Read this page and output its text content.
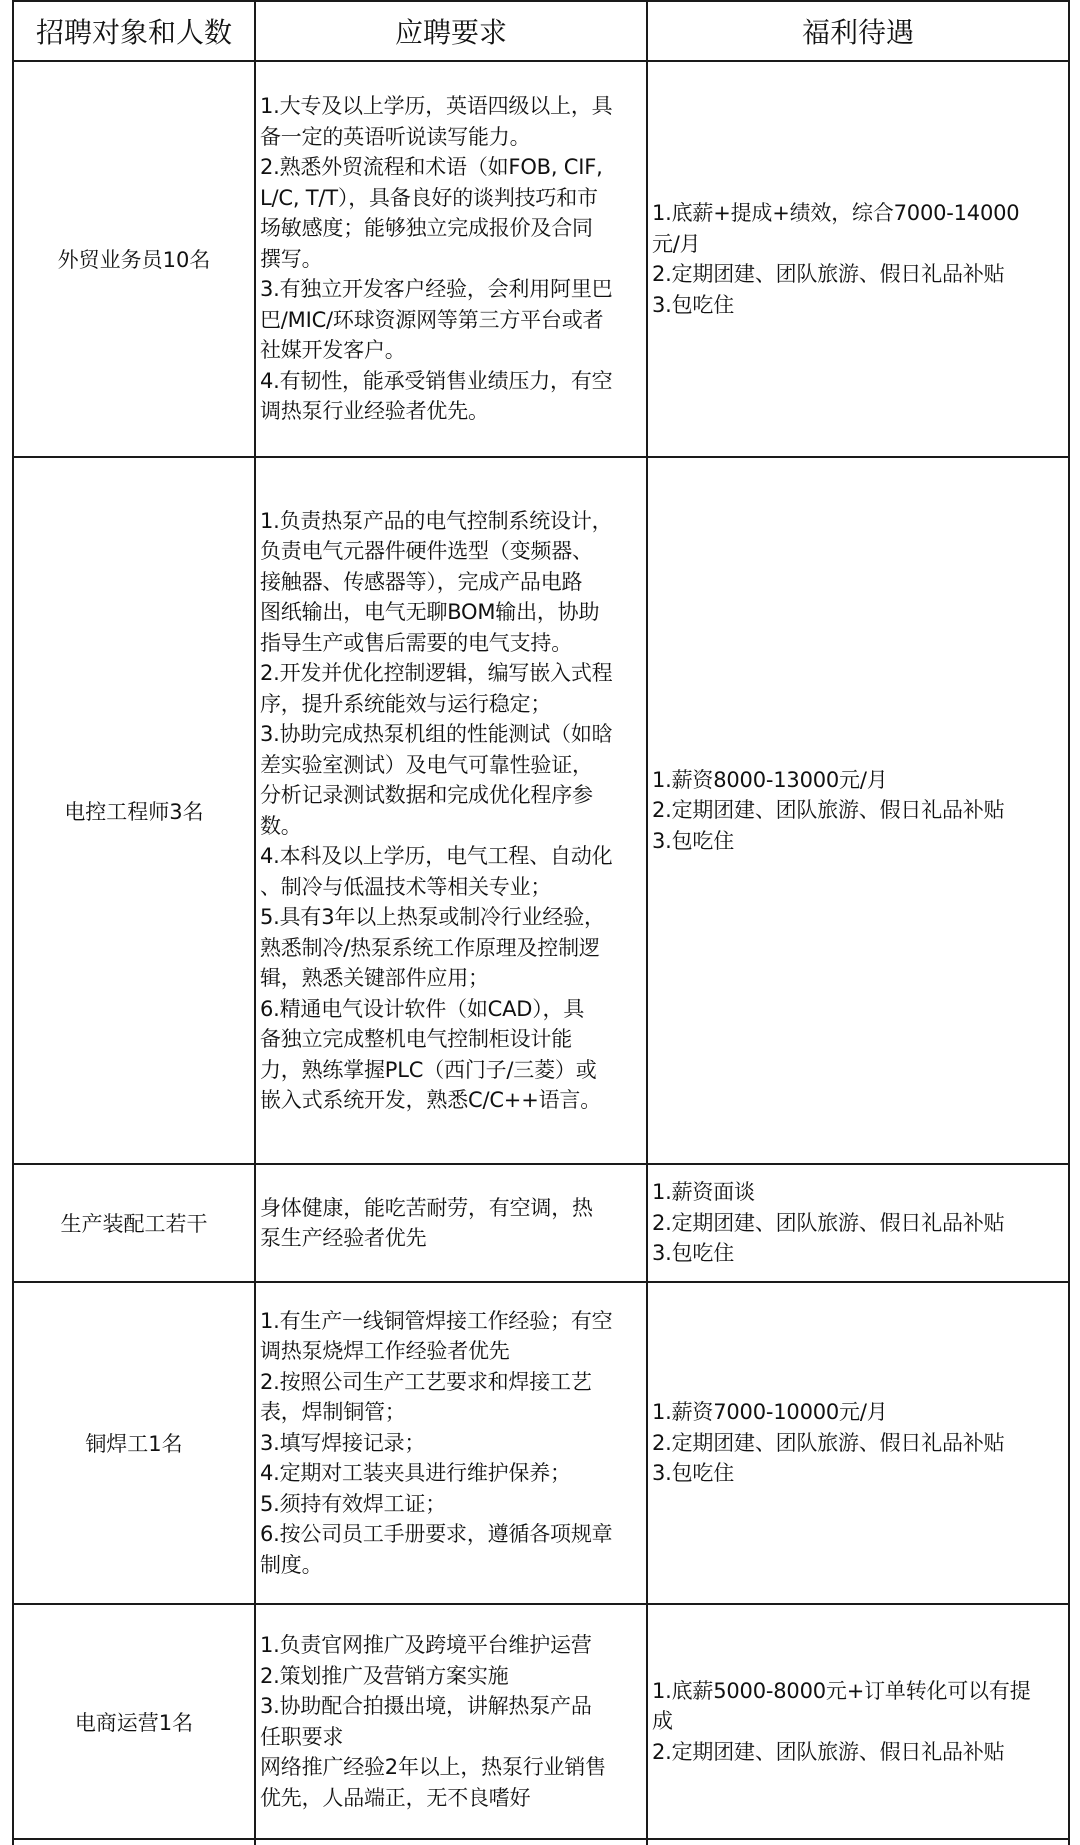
招聘对象和人数	应聘要求	福利待遇
外贸业务员10名
1.大专及以上学历，英语四级以上，具
备一定的英语听说读写能力。
2.熟悉外贸流程和术语（如FOB, CIF,
L/C, T/T），具备良好的谈判技巧和市
场敏感度；能够独立完成报价及合同
撰写。
3.有独立开发客户经验，会利用阿里巴
巴/MIC/环球资源网等第三方平台或者
社媒开发客户。
4.有韧性，能承受销售业绩压力，有空
调热泵行业经验者优先。
1.底薪+提成+绩效，综合7000-14000
元/月
2.定期团建、团队旅游、假日礼品补贴
3.包吃住
电控工程师3名
1.负责热泵产品的电气控制系统设计，
负责电气元器件硬件选型（变频器、
接触器、传感器等），完成产品电路
图纸输出，电气无聊BOM输出，协助
指导生产或售后需要的电气支持。
2.开发并优化控制逻辑，编写嵌入式程
序，提升系统能效与运行稳定；
3.协助完成热泵机组的性能测试（如晗
差实验室测试）及电气可靠性验证，
分析记录测试数据和完成优化程序参
数。
4.本科及以上学历，电气工程、自动化
、制冷与低温技术等相关专业；
5.具有3年以上热泵或制冷行业经验，
熟悉制冷/热泵系统工作原理及控制逻
辑，熟悉关键部件应用；
6.精通电气设计软件（如CAD），具
备独立完成整机电气控制柜设计能
力，熟练掌握PLC（西门子/三菱）或
嵌入式系统开发，熟悉C/C++语言。
1.薪资8000-13000元/月
2.定期团建、团队旅游、假日礼品补贴
3.包吃住
生产装配工若干
身体健康，能吃苦耐劳，有空调，热
泵生产经验者优先
1.薪资面谈
2.定期团建、团队旅游、假日礼品补贴
3.包吃住
铜焊工1名
1.有生产一线铜管焊接工作经验；有空
调热泵烧焊工作经验者优先
2.按照公司生产工艺要求和焊接工艺
表，焊制铜管；
3.填写焊接记录；
4.定期对工装夹具进行维护保养；
5.须持有效焊工证；
6.按公司员工手册要求，遵循各项规章
制度。
1.薪资7000-10000元/月
2.定期团建、团队旅游、假日礼品补贴
3.包吃住
电商运营1名
1.负责官网推广及跨境平台维护运营
2.策划推广及营销方案实施
3.协助配合拍摄出境，讲解热泵产品
任职要求
网络推广经验2年以上，热泵行业销售
优先，人品端正，无不良嗜好
1.底薪5000-8000元+订单转化可以有提
成
2.定期团建、团队旅游、假日礼品补贴
